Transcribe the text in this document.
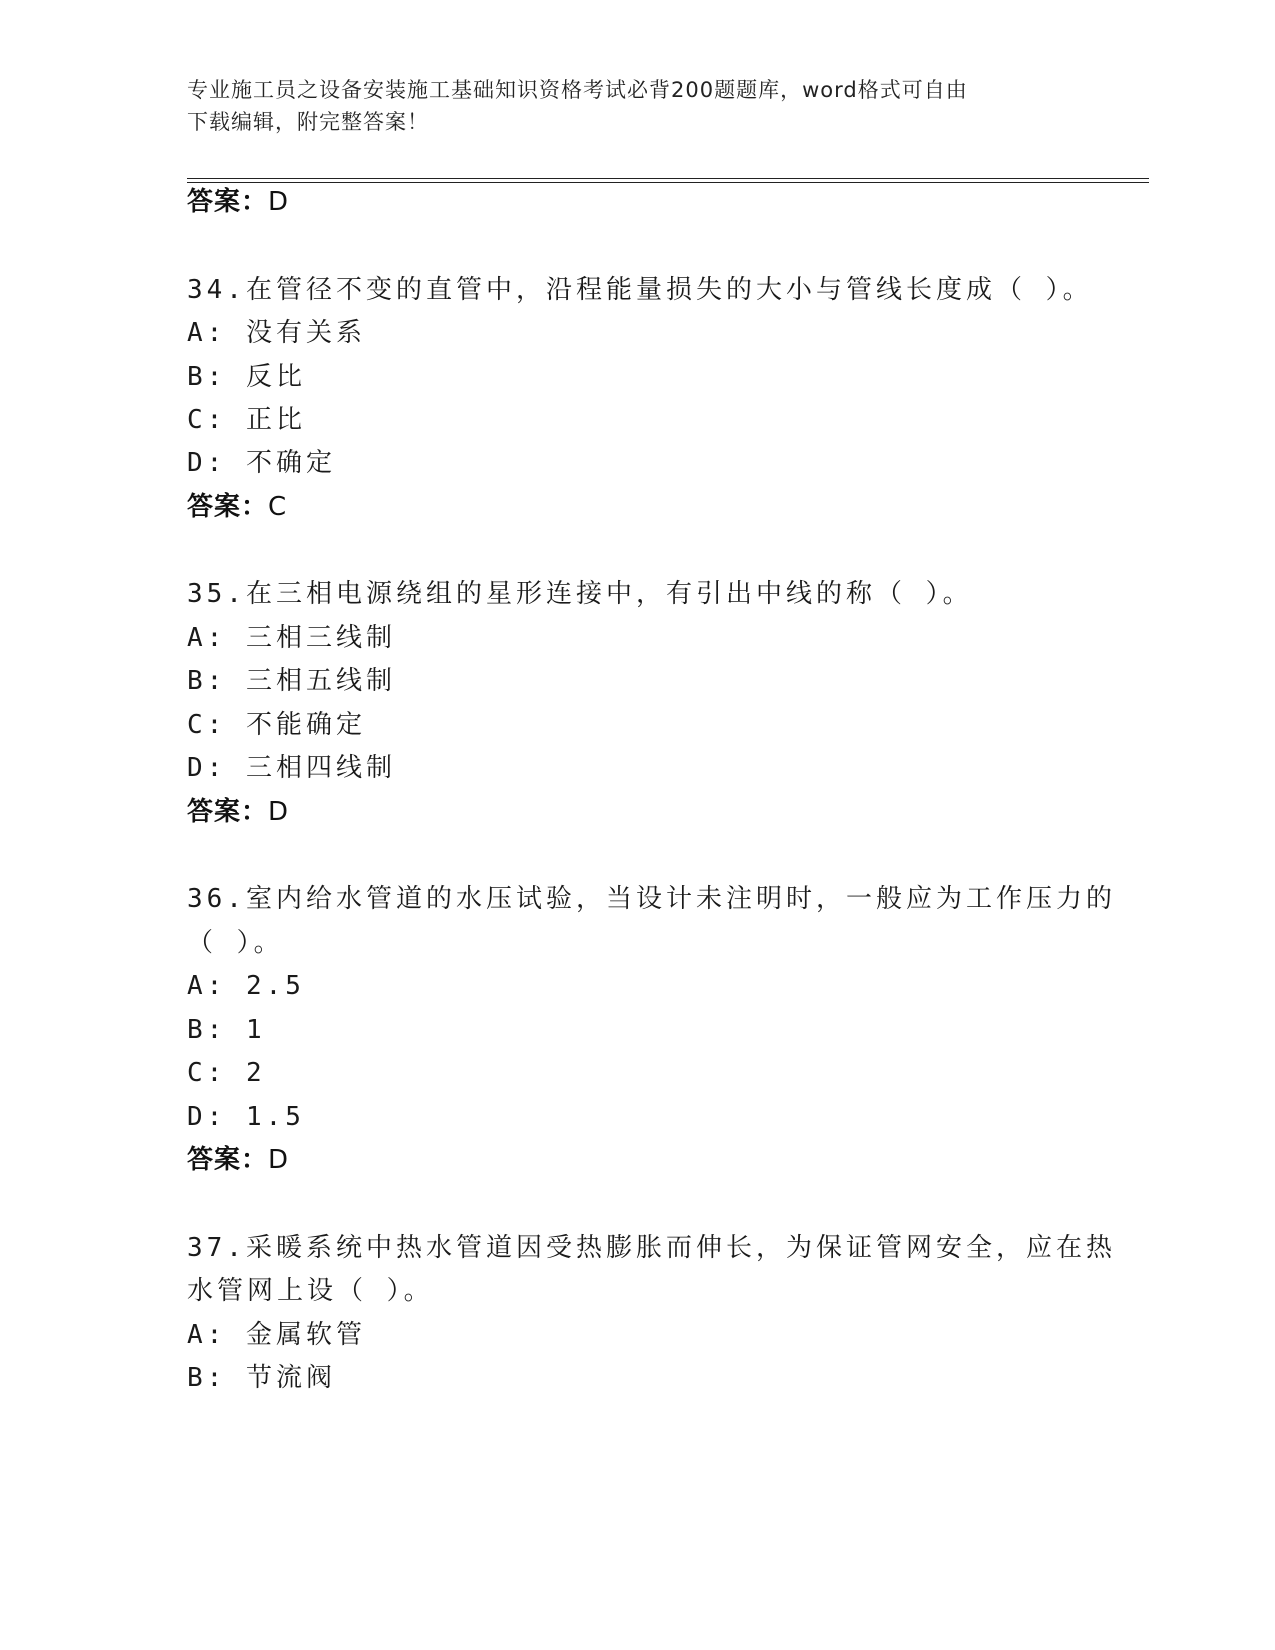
专业施工员之设备安装施工基础知识资格考试必背200题题库，word格式可自由
下载编辑，附完整答案！
答案：D
34.在管径不变的直管中，沿程能量损失的大小与管线长度成（ ）。
A: 没有关系
B: 反比
C: 正比
D: 不确定
答案：C
35.在三相电源绕组的星形连接中，有引出中线的称（ ）。
A: 三相三线制
B: 三相五线制
C: 不能确定
D: 三相四线制
答案：D
36.室内给水管道的水压试验，当设计未注明时，一般应为工作压力的
（ ）。
A: 2.5
B: 1
C: 2
D: 1.5
答案：D
37.采暖系统中热水管道因受热膨胀而伸长，为保证管网安全，应在热
水管网上设（ ）。
A: 金属软管
B: 节流阀
